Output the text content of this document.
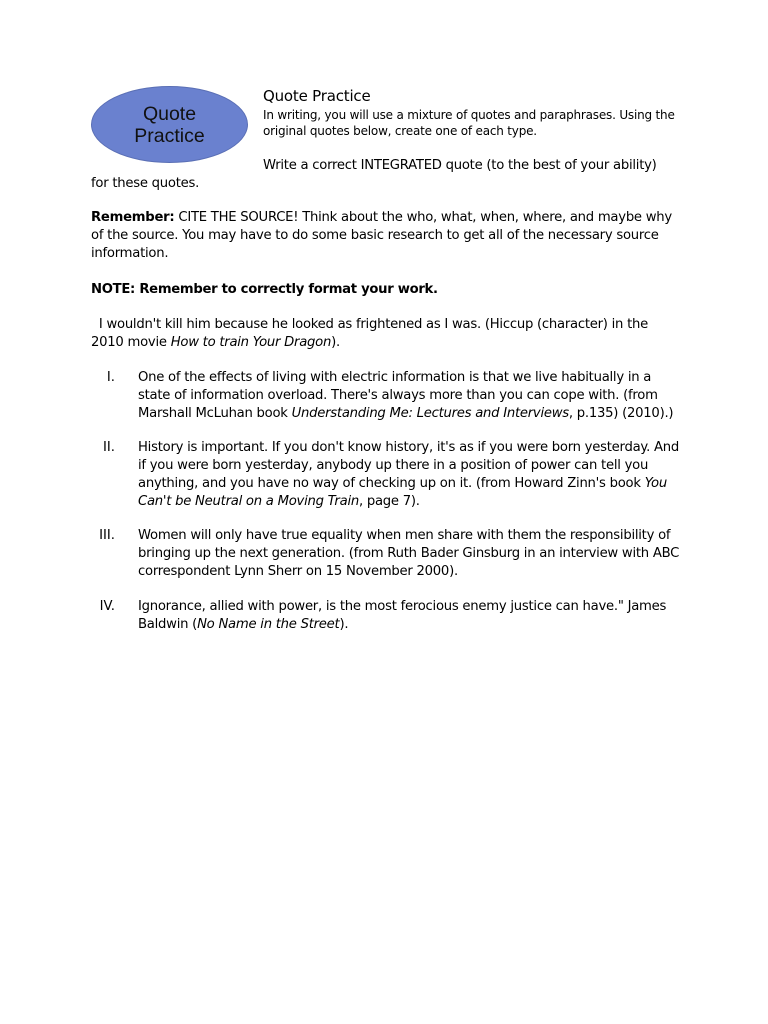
Quote
Practice
Quote Practice
In writing, you will use a mixture of quotes and paraphrases. Using the original quotes below, create one of each type.
Write a correct INTEGRATED quote (to the best of your ability)
for these quotes.
Remember: CITE THE SOURCE! Think about the who, what, when, where, and maybe why of the source. You may have to do some basic research to get all of the necessary source information.
NOTE: Remember to correctly format your work.
I wouldn't kill him because he looked as frightened as I was. (Hiccup (character) in the 2010 movie How to train Your Dragon).
I. One of the effects of living with electric information is that we live habitually in a state of information overload. There's always more than you can cope with. (from Marshall McLuhan book Understanding Me: Lectures and Interviews, p.135) (2010).)
II. History is important. If you don't know history, it's as if you were born yesterday. And if you were born yesterday, anybody up there in a position of power can tell you anything, and you have no way of checking up on it. (from Howard Zinn's book You Can't be Neutral on a Moving Train, page 7).
III. Women will only have true equality when men share with them the responsibility of bringing up the next generation. (from Ruth Bader Ginsburg in an interview with ABC correspondent Lynn Sherr on 15 November 2000).
IV. Ignorance, allied with power, is the most ferocious enemy justice can have." James Baldwin (No Name in the Street).
